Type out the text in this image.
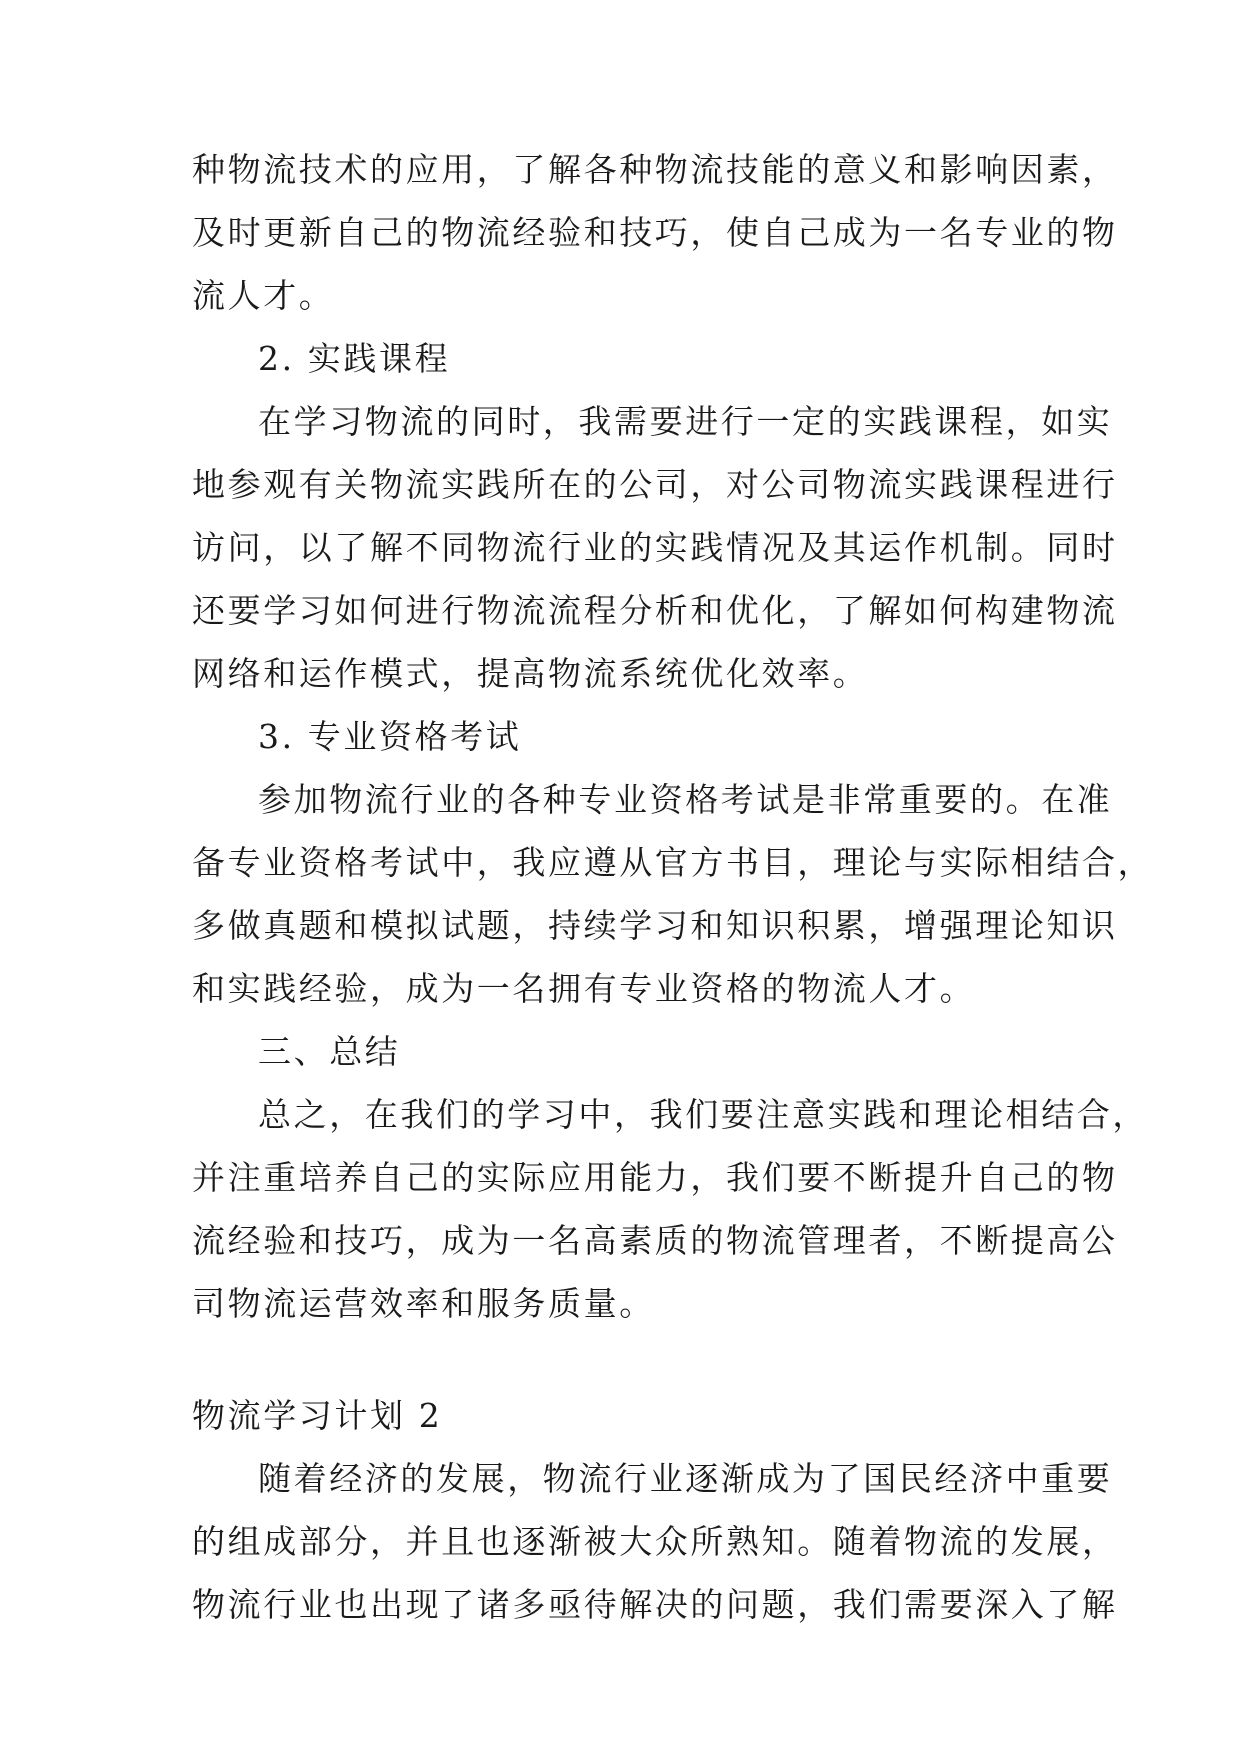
种物流技术的应用，了解各种物流技能的意义和影响因素，
及时更新自己的物流经验和技巧，使自己成为一名专业的物
流人才。
2. 实践课程
在学习物流的同时，我需要进行一定的实践课程，如实
地参观有关物流实践所在的公司，对公司物流实践课程进行
访问，以了解不同物流行业的实践情况及其运作机制。同时
还要学习如何进行物流流程分析和优化，了解如何构建物流
网络和运作模式，提高物流系统优化效率。
3. 专业资格考试
参加物流行业的各种专业资格考试是非常重要的。在准
备专业资格考试中，我应遵从官方书目，理论与实际相结合，
多做真题和模拟试题，持续学习和知识积累，增强理论知识
和实践经验，成为一名拥有专业资格的物流人才。
三、总结
总之，在我们的学习中，我们要注意实践和理论相结合，
并注重培养自己的实际应用能力，我们要不断提升自己的物
流经验和技巧，成为一名高素质的物流管理者，不断提高公
司物流运营效率和服务质量。
物流学习计划 2
随着经济的发展，物流行业逐渐成为了国民经济中重要
的组成部分，并且也逐渐被大众所熟知。随着物流的发展，
物流行业也出现了诸多亟待解决的问题，我们需要深入了解
